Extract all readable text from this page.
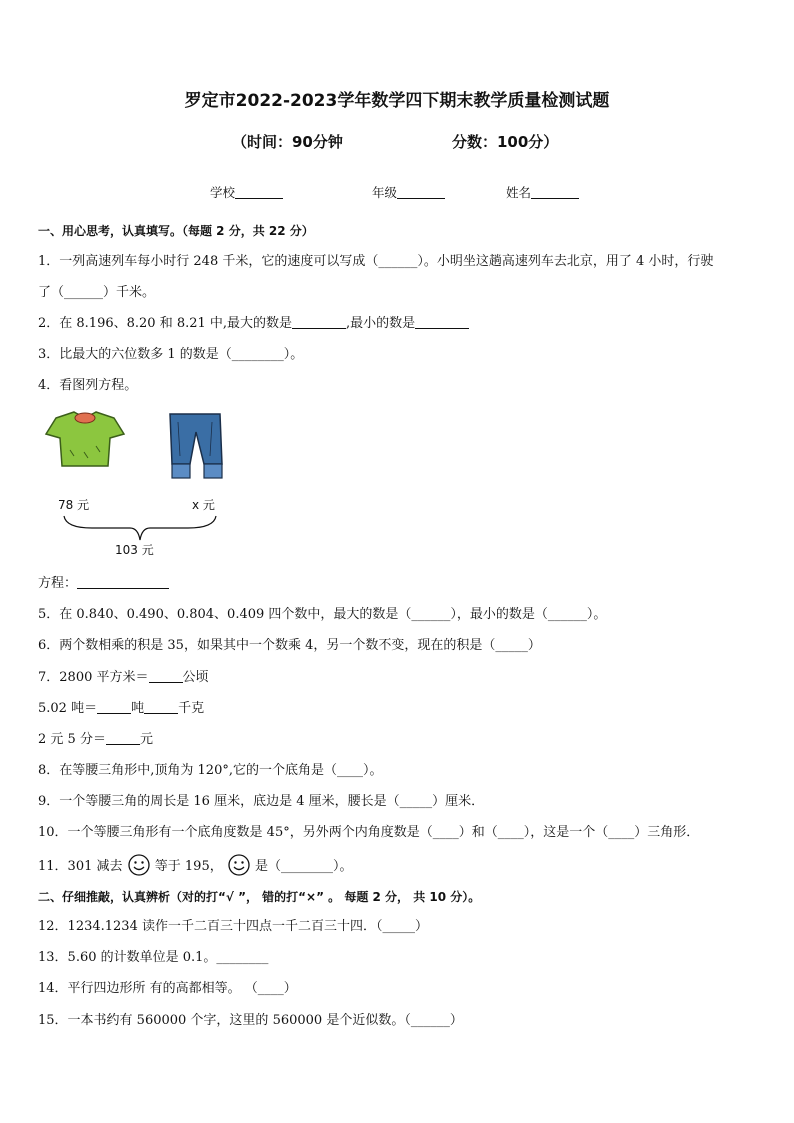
罗定市2022-2023学年数学四下期末教学质量检测试题
（时间：90分钟	分数：100分）
学校	年级	姓名
一、用心思考，认真填写。（每题 2 分，共 22 分）
1．一列高速列车每小时行 248 千米，它的速度可以写成（______）。小明坐这趟高速列车去北京，用了 4 小时，行驶
了（______）千米。
2．在 8.196、8.20 和 8.21 中,最大的数是	,最小的数是
3．比最大的六位数多 1 的数是（________）。
4．看图列方程。
78 元	x 元
103 元
方程：
5．在 0.840、0.490、0.804、0.409 四个数中，最大的数是（______），最小的数是（______）。
6．两个数相乘的积是 35，如果其中一个数乘 4，另一个数不变，现在的积是（_____）
7．2800 平方米＝	公顷
5.02 吨＝	吨	千克
2 元 5 分＝	元
8．在等腰三角形中,顶角为 120°,它的一个底角是（____）。
9．一个等腰三角的周长是 16 厘米，底边是 4 厘米，腰长是（_____）厘米．
10．一个等腰三角形有一个底角度数是 45°，另外两个内角度数是（____）和（____），这是一个（____）三角形．
11．301 减去 等于 195， 是（________）。
二、仔细推敲，认真辨析（对的打“√ ”， 错的打“×” 。 每题 2 分， 共 10 分）。
12．1234.1234 读作一千二百三十四点一千二百三十四．（_____）
13．5.60 的计数单位是 0.1。________
14．平行四边形所 有的高都相等。 （____）
15．一本书约有 560000 个字，这里的 560000 是个近似数。（______）
